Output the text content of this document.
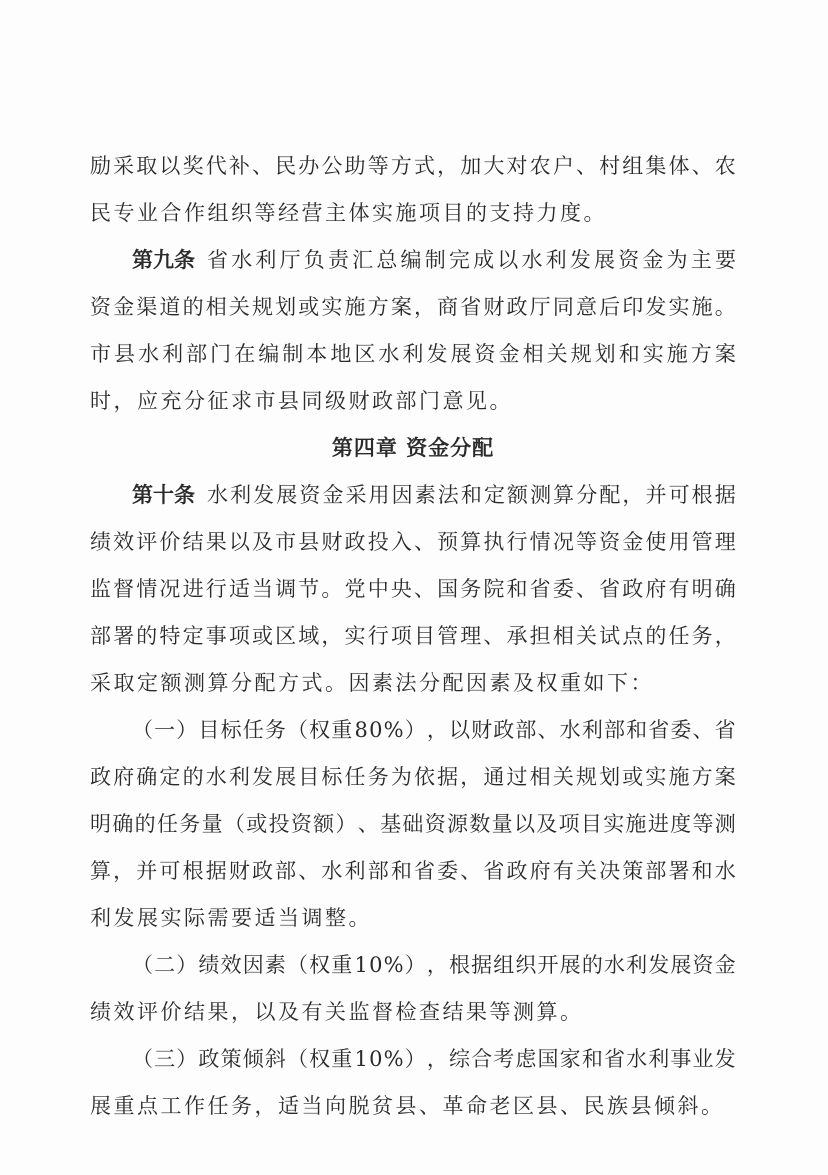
励 采 取 以 奖 代 补 、 民 办 公 助 等 方 式 ， 加 大 对 农 户 、 村 组 集 体 、 农
民专业合作组织等经营主体实施项目的支持力度。
第九条 省 水 利 厅 负 责 汇 总 编 制 完 成 以 水 利 发 展 资 金 为 主 要
资 金 渠 道 的 相 关 规 划 或 实 施 方 案 ， 商 省 财 政 厅 同 意 后 印 发 实 施 。
市 县 水 利 部 门 在 编 制 本 地 区 水 利 发 展 资 金 相 关 规 划 和 实 施 方 案
时，应充分征求市县同级财政部门意见。
第四章 资金分配
第十条 水 利 发 展 资 金 采 用 因 素 法 和 定 额 测 算 分 配 ， 并 可 根 据
绩 效 评 价 结 果 以 及 市 县 财 政 投 入 、 预 算 执 行 情 况 等 资 金 使 用 管 理
监 督 情 况 进 行 适 当 调 节 。 党 中 央 、 国 务 院 和 省 委 、 省 政 府 有 明 确
部 署 的 特 定 事 项 或 区 域 ， 实 行 项 目 管 理 、 承 担 相 关 试 点 的 任 务 ，
采取定额测算分配方式。因素法分配因素及权重如下：
（ 一 ） 目 标 任 务 （ 权 重 8 0 % ） ， 以 财 政 部 、 水 利 部 和 省 委 、 省
政 府 确 定 的 水 利 发 展 目 标 任 务 为 依 据 ， 通 过 相 关 规 划 或 实 施 方 案
明 确 的 任 务 量 （ 或 投 资 额 ） 、 基 础 资 源 数 量 以 及 项 目 实 施 进 度 等 测
算 ， 并 可 根 据 财 政 部 、 水 利 部 和 省 委 、 省 政 府 有 关 决 策 部 署 和 水
利发展实际需要适当调整。
（ 二 ） 绩 效 因 素 （ 权 重 1 0 % ） ， 根 据 组 织 开 展 的 水 利 发 展 资 金
绩效评价结果，以及有关监督检查结果等测算。
（ 三 ） 政 策 倾 斜 （ 权 重 1 0 % ） ， 综 合 考 虑 国 家 和 省 水 利 事 业 发
展重点工作任务，适当向脱贫县、革命老区县、民族县倾斜。
